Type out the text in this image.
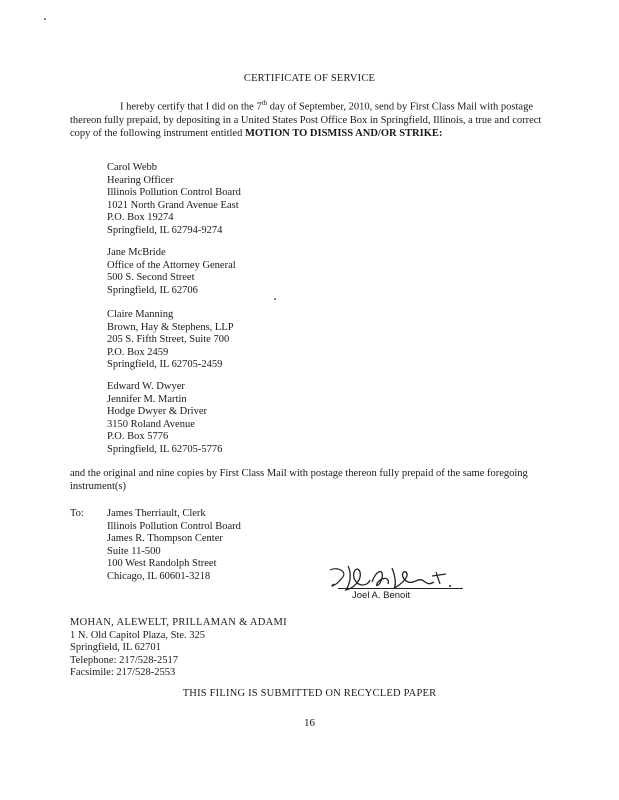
CERTIFICATE OF SERVICE
I hereby certify that I did on the 7th day of September, 2010, send by First Class Mail with postage thereon fully prepaid, by depositing in a United States Post Office Box in Springfield, Illinois, a true and correct copy of the following instrument entitled MOTION TO DISMISS AND/OR STRIKE:
Carol Webb
Hearing Officer
Illinois Pollution Control Board
1021 North Grand Avenue East
P.O. Box 19274
Springfield, IL 62794-9274
Jane McBride
Office of the Attorney General
500 S. Second Street
Springfield, IL 62706
Claire Manning
Brown, Hay & Stephens, LLP
205 S. Fifth Street, Suite 700
P.O. Box 2459
Springfield, IL 62705-2459
Edward W. Dwyer
Jennifer M. Martin
Hodge Dwyer & Driver
3150 Roland Avenue
P.O. Box 5776
Springfield, IL 62705-5776
and the original and nine copies by First Class Mail with postage thereon fully prepaid of the same foregoing instrument(s)
To: James Therriault, Clerk
Illinois Pollution Control Board
James R. Thompson Center
Suite 11-500
100 West Randolph Street
Chicago, IL 60601-3218
Joel A. Benoit
MOHAN, ALEWELT, PRILLAMAN & ADAMI
1 N. Old Capitol Plaza, Ste. 325
Springfield, IL 62701
Telephone: 217/528-2517
Facsimile: 217/528-2553
THIS FILING IS SUBMITTED ON RECYCLED PAPER
16
